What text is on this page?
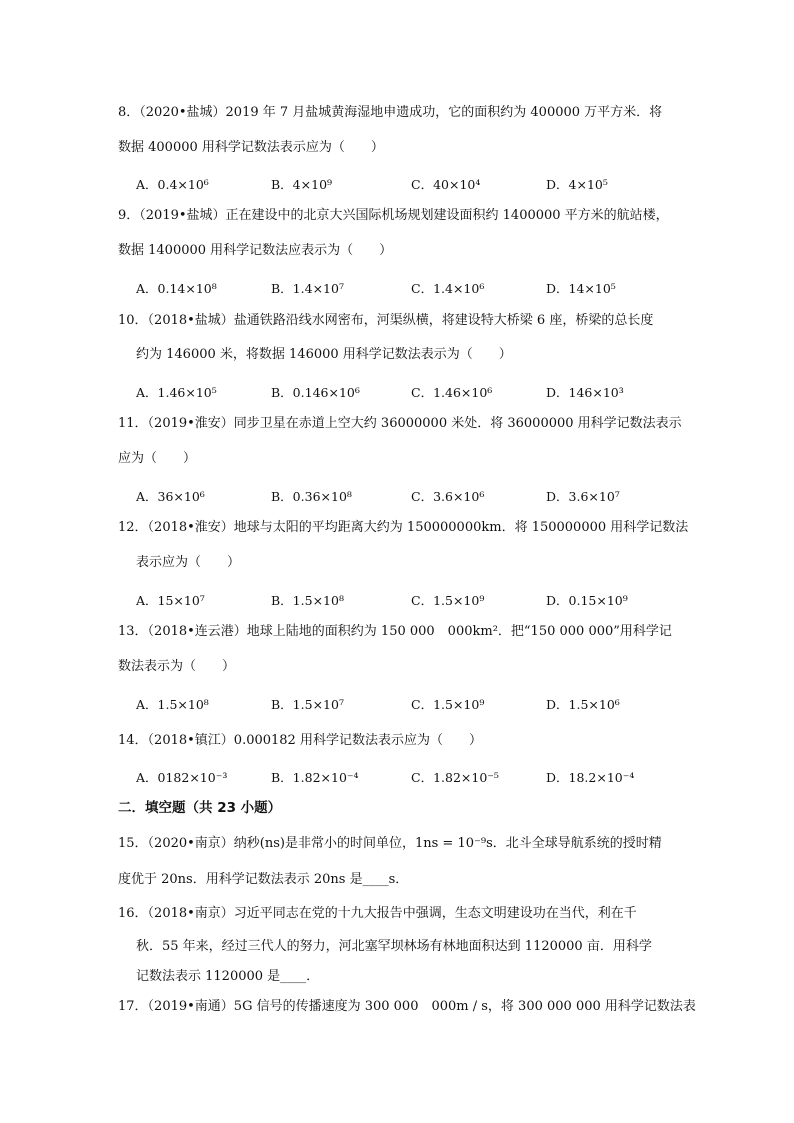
8．（2020•盐城）2019 年 7 月盐城黄海湿地申遗成功，它的面积约为 400000 万平方米．将
数据 400000 用科学记数法表示应为（　　）
A．0.4×10⁶	B．4×10⁹	C．40×10⁴	D．4×10⁵
9．（2019•盐城）正在建设中的北京大兴国际机场规划建设面积约 1400000 平方米的航站楼，
数据 1400000 用科学记数法应表示为（　　）
A．0.14×10⁸	B．1.4×10⁷	C．1.4×10⁶	D．14×10⁵
10．（2018•盐城）盐通铁路沿线水网密布，河渠纵横，将建设特大桥梁 6 座，桥梁的总长度
约为 146000 米，将数据 146000 用科学记数法表示为（　　）
A．1.46×10⁵	B．0.146×10⁶	C．1.46×10⁶	D．146×10³
11．（2019•淮安）同步卫星在赤道上空大约 36000000 米处．将 36000000 用科学记数法表示
应为（　　）
A．36×10⁶	B．0.36×10⁸	C．3.6×10⁶	D．3.6×10⁷
12．（2018•淮安）地球与太阳的平均距离大约为 150000000km．将 150000000 用科学记数法
表示应为（　　）
A．15×10⁷	B．1.5×10⁸	C．1.5×10⁹	D．0.15×10⁹
13．（2018•连云港）地球上陆地的面积约为 150 000　000km²．把“150 000 000”用科学记
数法表示为（　　）
A．1.5×10⁸	B．1.5×10⁷	C．1.5×10⁹	D．1.5×10⁶
14．（2018•镇江）0.000182 用科学记数法表示应为（　　）
A．0182×10⁻³	B．1.82×10⁻⁴	C．1.82×10⁻⁵	D．18.2×10⁻⁴
二．填空题（共 23 小题）
15．（2020•南京）纳秒(ns)是非常小的时间单位，1ns = 10⁻⁹s．北斗全球导航系统的授时精
度优于 20ns．用科学记数法表示 20ns 是____s．
16．（2018•南京）习近平同志在党的十九大报告中强调，生态文明建设功在当代，利在千
秋．55 年来，经过三代人的努力，河北塞罕坝林场有林地面积达到 1120000 亩．用科学
记数法表示 1120000 是____．
17．（2019•南通）5G 信号的传播速度为 300 000　000m / s，将 300 000 000 用科学记数法表
